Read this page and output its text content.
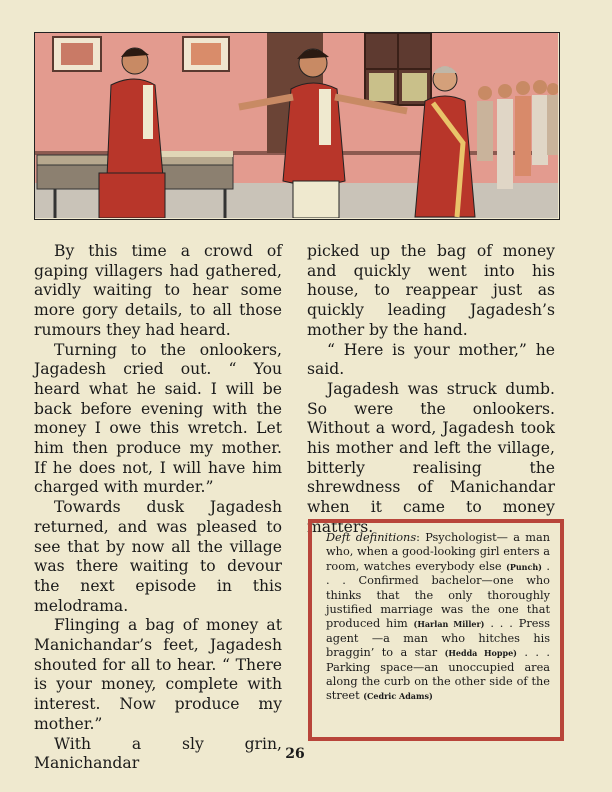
By this time a crowd of gaping villagers had gathered, avidly waiting to hear some more gory details, to all those rumours they had heard.

Turning to the onlookers, Jagadesh cried out. “ You heard what he said. I will be back before evening with the money I owe this wretch. Let him then produce my mother. If he does not, I will have him charged with murder.”

Towards dusk Jagadesh returned, and was pleased to see that by now all the village was there waiting to devour the next episode in this melodrama.

Flinging a bag of money at Manichandar’s feet, Jagadesh shouted for all to hear. “ There is your money, complete with interest. Now produce my mother.”

With a sly grin, Manichandar

picked up the bag of money and quickly went into his house, to reappear just as quickly leading Jagadesh’s mother by the hand.

“ Here is your mother,” he said.

Jagadesh was struck dumb. So were the onlookers. Without a word, Jagadesh took his mother and left the village, bitterly realising the shrewdness of Manichandar when it came to money matters.

Deft definitions: Psychologist— a man who, when a good-looking girl enters a room, watches everybody else (Punch) . . . Confirmed bachelor—one who thinks that the only thoroughly justified marriage was the one that produced him (Harlan Miller) . . . Press agent —a man who hitches his braggin’ to a star (Hedda Hoppe) . . . Parking space—an unoccupied area along the curb on the other side of the street (Cedric Adams)

26
